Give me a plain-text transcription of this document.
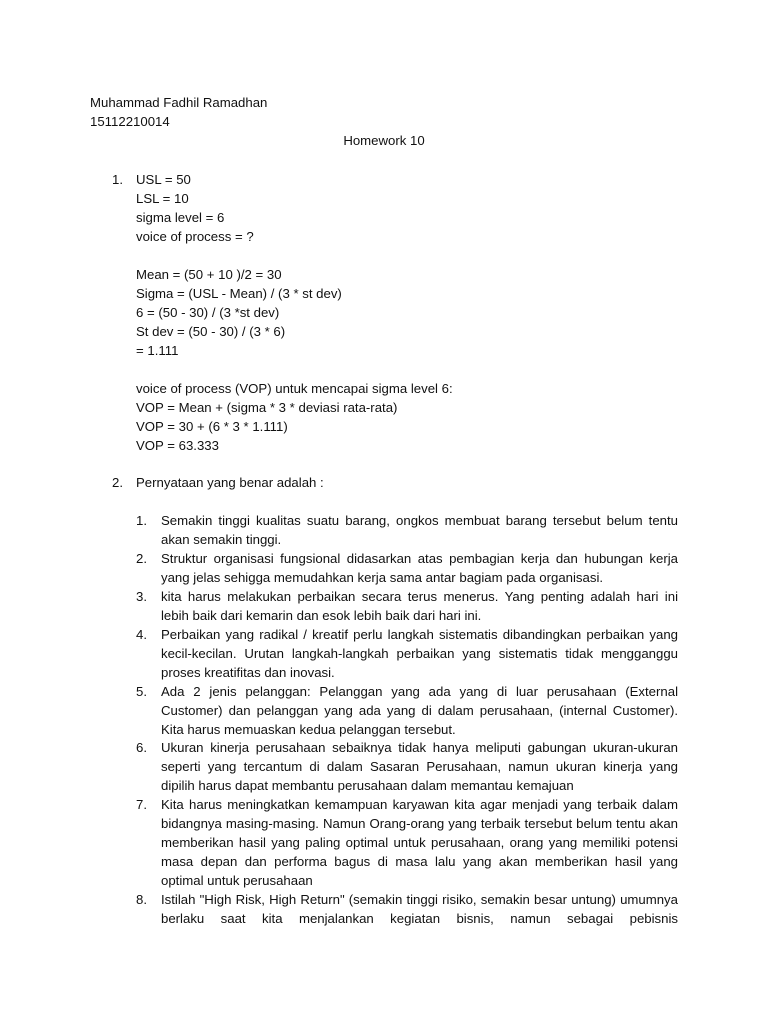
Muhammad Fadhil Ramadhan
15112210014
Homework 10
1. USL = 50
LSL = 10
sigma level = 6
voice of process = ?
Mean = (50 + 10 )/2 = 30
Sigma = (USL - Mean) / (3 * st dev)
6 = (50 - 30) / (3 *st dev)
St dev = (50 - 30) / (3 * 6)
= 1.111
voice of process (VOP) untuk mencapai sigma level 6:
VOP = Mean + (sigma * 3 * deviasi rata-rata)
VOP = 30 + (6 * 3 * 1.111)
VOP = 63.333
2. Pernyataan yang benar adalah :
1.	Semakin tinggi kualitas suatu barang, ongkos membuat barang tersebut belum tentu akan semakin tinggi.
2.	Struktur organisasi fungsional didasarkan atas pembagian kerja dan hubungan kerja yang jelas sehigga memudahkan kerja sama antar bagiam pada organisasi.
3.	kita harus melakukan perbaikan secara terus menerus. Yang penting adalah hari ini lebih baik dari kemarin dan esok lebih baik dari hari ini.
4.	Perbaikan yang radikal / kreatif perlu langkah sistematis dibandingkan perbaikan yang kecil-kecilan. Urutan langkah-langkah perbaikan yang sistematis tidak mengganggu proses kreatifitas dan inovasi.
5.	Ada 2 jenis pelanggan: Pelanggan yang ada yang di luar perusahaan (External Customer) dan pelanggan yang ada yang di dalam perusahaan, (internal Customer). Kita harus memuaskan kedua pelanggan tersebut.
6.	Ukuran kinerja perusahaan sebaiknya tidak hanya meliputi gabungan ukuran-ukuran seperti yang tercantum di dalam Sasaran Perusahaan, namun ukuran kinerja yang dipilih harus dapat membantu perusahaan dalam memantau kemajuan
7.	Kita harus meningkatkan kemampuan karyawan kita agar menjadi yang terbaik dalam bidangnya masing-masing. Namun Orang-orang yang terbaik tersebut belum tentu akan memberikan hasil yang paling optimal untuk perusahaan, orang yang memiliki potensi masa depan dan performa bagus di masa lalu yang akan memberikan hasil yang optimal untuk perusahaan
8.	Istilah "High Risk, High Return" (semakin tinggi risiko, semakin besar untung) umumnya berlaku saat kita menjalankan kegiatan bisnis, namun sebagai pebisnis
